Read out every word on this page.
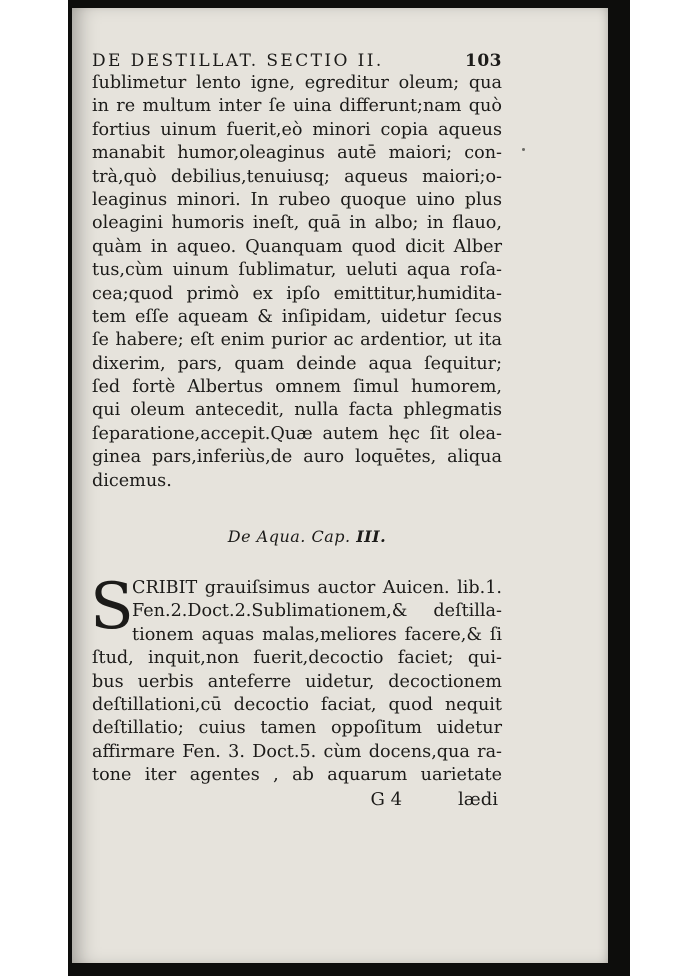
DE DESTILLAT. SECTIO II.	103
ſublimetur lento igne, egreditur oleum; qua
in re multum inter ſe uina differunt;nam quò
fortius uinum fuerit,eò minori copia aqueus
manabit humor,oleaginus autē maiori; con-
trà,quò debilius,tenuiusq; aqueus maiori;o-
leaginus minori. In rubeo quoque uino plus
oleagini humoris ineſt, quā in albo; in flauo,
quàm in aqueo. Quanquam quod dicit Alber
tus,cùm uinum ſublimatur, ueluti aqua roſa-
cea;quod primò ex ipſo emittitur,humidita-
tem eſſe aqueam & inſipidam, uidetur ſecus
ſe habere; eſt enim purior ac ardentior, ut ita
dixerim, pars, quam deinde aqua ſequitur;
ſed fortè Albertus omnem ſimul humorem,
qui oleum antecedit, nulla facta phlegmatis
ſeparatione,accepit.Quæ autem hęc ſit olea-
ginea pars,inferiùs,de auro loquētes, aliqua
dicemus.
De Aqua. Cap. III.
S
CRIBIT grauiſsimus auctor Auicen. lib.1.
Fen.2.Doct.2.Sublimationem,& deſtilla-
tionem aquas malas,meliores facere,& ſi
ſtud, inquit,non fuerit,decoctio faciet; qui-
bus uerbis anteferre uidetur, decoctionem
deſtillationi,cū decoctio faciat, quod nequit
deſtillatio; cuius tamen oppoſitum uidetur
affirmare Fen. 3. Doct.5. cùm docens,qua ra-
tone iter agentes , ab aquarum uarietate
G 4	lædi
